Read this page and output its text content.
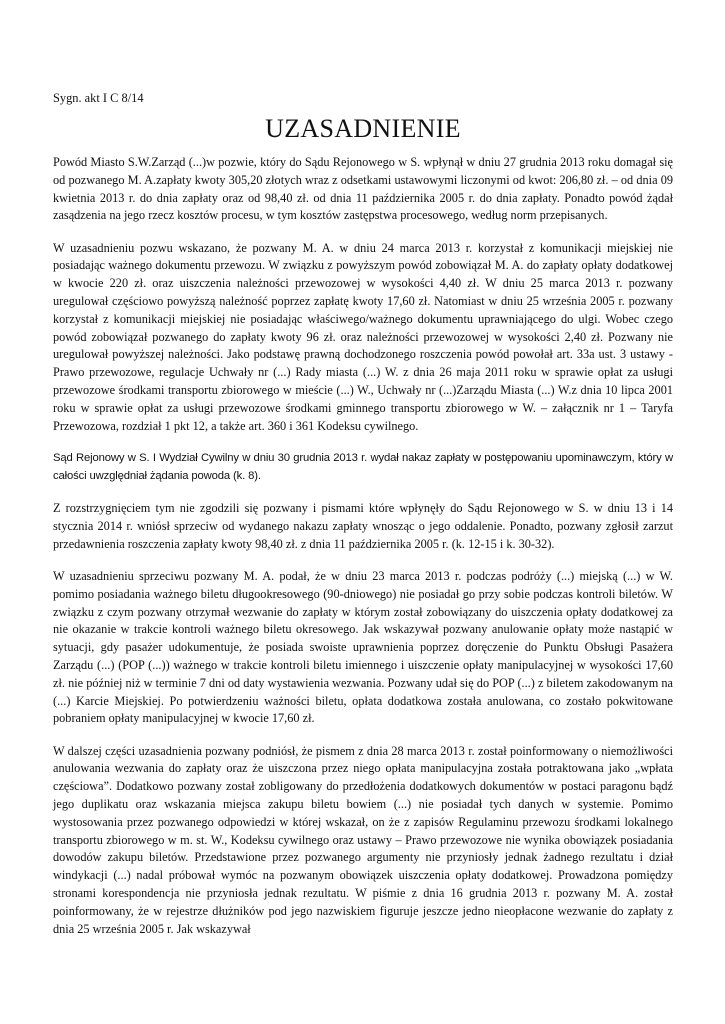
Sygn. akt I C 8/14
UZASADNIENIE

Powód Miasto S.W.Zarząd (...)w pozwie, który do Sądu Rejonowego w S. wpłynął w dniu 27 grudnia 2013 roku domagał się od pozwanego M. A.zapłaty kwoty 305,20 złotych wraz z odsetkami ustawowymi liczonymi od kwot: 206,80 zł. – od dnia 09 kwietnia 2013 r. do dnia zapłaty oraz od 98,40 zł. od dnia 11 października 2005 r. do dnia zapłaty. Ponadto powód żądał zasądzenia na jego rzecz kosztów procesu, w tym kosztów zastępstwa procesowego, według norm przepisanych.

W uzasadnieniu pozwu wskazano, że pozwany M. A. w dniu 24 marca 2013 r. korzystał z komunikacji miejskiej nie posiadając ważnego dokumentu przewozu. W związku z powyższym powód zobowiązał M. A. do zapłaty opłaty dodatkowej w kwocie 220 zł. oraz uiszczenia należności przewozowej w wysokości 4,40 zł. W dniu 25 marca 2013 r. pozwany uregulował częściowo powyższą należność poprzez zapłatę kwoty 17,60 zł. Natomiast w dniu 25 września 2005 r. pozwany korzystał z komunikacji miejskiej nie posiadając właściwego/ważnego dokumentu uprawniającego do ulgi. Wobec czego powód zobowiązał pozwanego do zapłaty kwoty 96 zł. oraz należności przewozowej w wysokości 2,40 zł. Pozwany nie uregulował powyższej należności. Jako podstawę prawną dochodzonego roszczenia powód powołał art. 33a ust. 3 ustawy - Prawo przewozowe, regulacje Uchwały nr (...) Rady miasta (...) W. z dnia 26 maja 2011 roku w sprawie opłat za usługi przewozowe środkami transportu zbiorowego w mieście (...) W., Uchwały nr (...)Zarządu Miasta (...) W.z dnia 10 lipca 2001 roku w sprawie opłat za usługi przewozowe środkami gminnego transportu zbiorowego w W. – załącznik nr 1 – Taryfa Przewozowa, rozdział 1 pkt 12, a także art. 360 i 361 Kodeksu cywilnego.

Sąd Rejonowy w S. I Wydział Cywilny w dniu 30 grudnia 2013 r. wydał nakaz zapłaty w postępowaniu upominawczym, który w całości uwzględniał żądania powoda (k. 8).

Z rozstrzygnięciem tym nie zgodzili się pozwany i pismami które wpłynęły do Sądu Rejonowego w S. w dniu 13 i 14 stycznia 2014 r. wniósł sprzeciw od wydanego nakazu zapłaty wnosząc o jego oddalenie. Ponadto, pozwany zgłosił zarzut przedawnienia roszczenia zapłaty kwoty 98,40 zł. z dnia 11 października 2005 r. (k. 12-15 i k. 30-32).

W uzasadnieniu sprzeciwu pozwany M. A. podał, że w dniu 23 marca 2013 r. podczas podróży (...) miejską (...) w W. pomimo posiadania ważnego biletu długookresowego (90-dniowego) nie posiadał go przy sobie podczas kontroli biletów. W związku z czym pozwany otrzymał wezwanie do zapłaty w którym został zobowiązany do uiszczenia opłaty dodatkowej za nie okazanie w trakcie kontroli ważnego biletu okresowego. Jak wskazywał pozwany anulowanie opłaty może nastąpić w sytuacji, gdy pasażer udokumentuje, że posiada swoiste uprawnienia poprzez doręczenie do Punktu Obsługi Pasażera Zarządu (...) (POP (...)) ważnego w trakcie kontroli biletu imiennego i uiszczenie opłaty manipulacyjnej w wysokości 17,60 zł. nie później niż w terminie 7 dni od daty wystawienia wezwania. Pozwany udał się do POP (...) z biletem zakodowanym na (...) Karcie Miejskiej. Po potwierdzeniu ważności biletu, opłata dodatkowa została anulowana, co zostało pokwitowane pobraniem opłaty manipulacyjnej w kwocie 17,60 zł.

W dalszej części uzasadnienia pozwany podniósł, że pismem z dnia 28 marca 2013 r. został poinformowany o niemożliwości anulowania wezwania do zapłaty oraz że uiszczona przez niego opłata manipulacyjna została potraktowana jako „wpłata częściowa”. Dodatkowo pozwany został zobligowany do przedłożenia dodatkowych dokumentów w postaci paragonu bądź jego duplikatu oraz wskazania miejsca zakupu biletu bowiem (...) nie posiadał tych danych w systemie. Pomimo wystosowania przez pozwanego odpowiedzi w której wskazał, on że z zapisów Regulaminu przewozu środkami lokalnego transportu zbiorowego w m. st. W., Kodeksu cywilnego oraz ustawy – Prawo przewozowe nie wynika obowiązek posiadania dowodów zakupu biletów. Przedstawione przez pozwanego argumenty nie przyniosły jednak żadnego rezultatu i dział windykacji (...) nadal próbował wymóc na pozwanym obowiązek uiszczenia opłaty dodatkowej. Prowadzona pomiędzy stronami korespondencja nie przyniosła jednak rezultatu. W piśmie z dnia 16 grudnia 2013 r. pozwany M. A. został poinformowany, że w rejestrze dłużników pod jego nazwiskiem figuruje jeszcze jedno nieopłacone wezwanie do zapłaty z dnia 25 września 2005 r. Jak wskazywał
